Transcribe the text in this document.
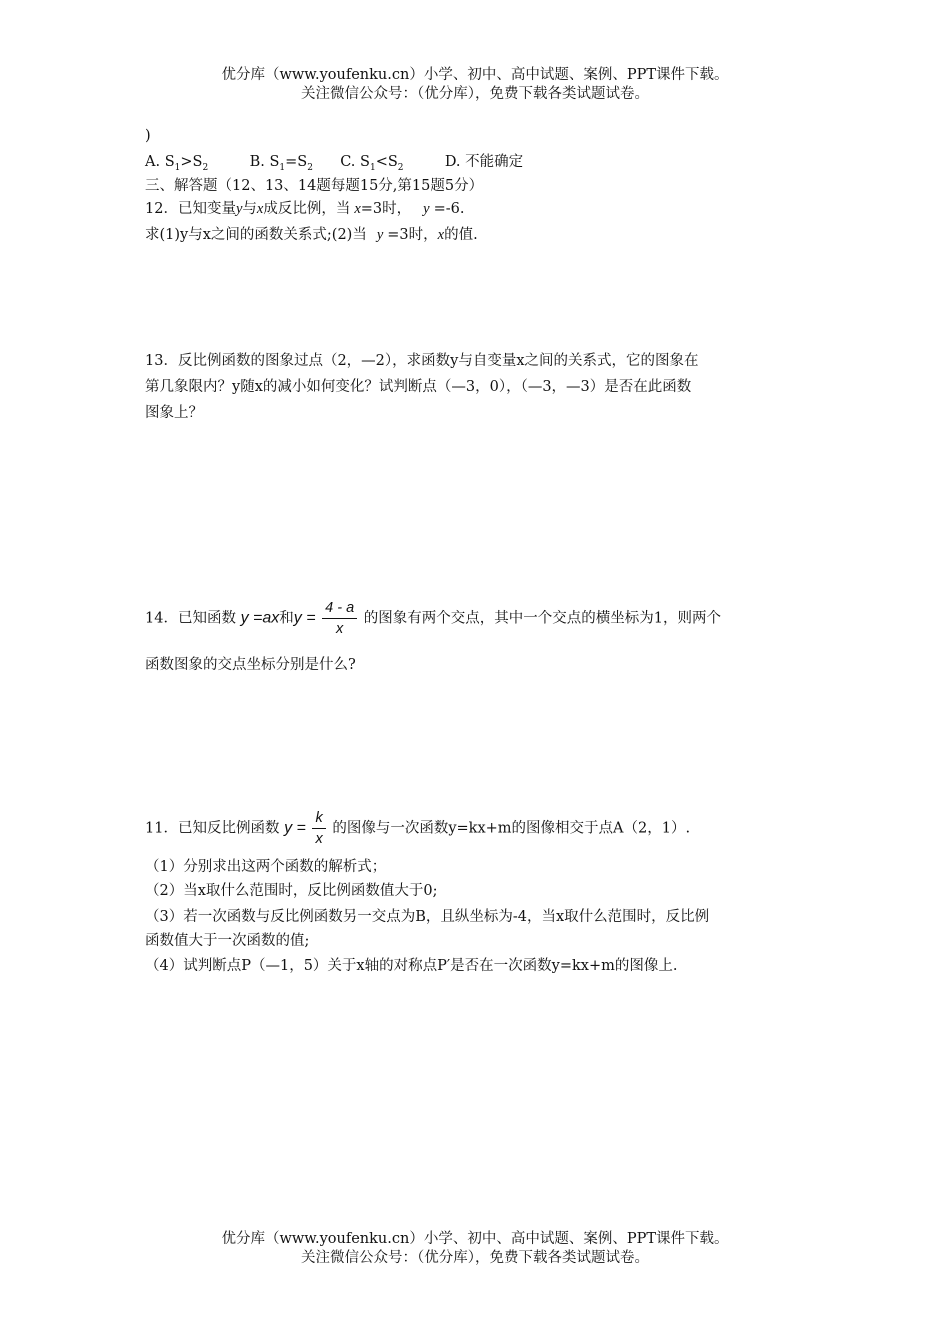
优分库（www.youfenku.cn）小学、初中、高中试题、案例、PPT课件下载。
关注微信公众号：（优分库），免费下载各类试题试卷。
)
A. $S_1>S_2$	B. $S_1=S_2$ C. $S_1<S_2$	D. 不能确定
三、解答题（12、13、14题每题15分,第15题5分）
12．已知变量y与x成反比例，当 x=3时， y =-6.
求(1)y与x之间的函数关系式;(2)当 y =3时，x的值.
13．反比例函数的图象过点（2，—2），求函数y与自变量x之间的关系式，它的图象在
第几象限内？y随x的减小如何变化？试判断点（—3，0），（—3，—3）是否在此函数
图象上？
14．已知函数 y =ax和$y = \frac{4 - a}{x}$ 的图象有两个交点，其中一个交点的横坐标为1，则两个
函数图象的交点坐标分别是什么?
11．已知反比例函数 $y = \frac{k}{x}$ 的图像与一次函数y=kx+m的图像相交于点A（2，1）.
（1）分别求出这两个函数的解析式；
（2）当x取什么范围时，反比例函数值大于0;
（3）若一次函数与反比例函数另一交点为B，且纵坐标为-4，当x取什么范围时，反比例
函数值大于一次函数的值;
（4）试判断点P（—1，5）关于x轴的对称点P′是否在一次函数y=kx+m的图像上.
优分库（www.youfenku.cn）小学、初中、高中试题、案例、PPT课件下载。
关注微信公众号：（优分库），免费下载各类试题试卷。
